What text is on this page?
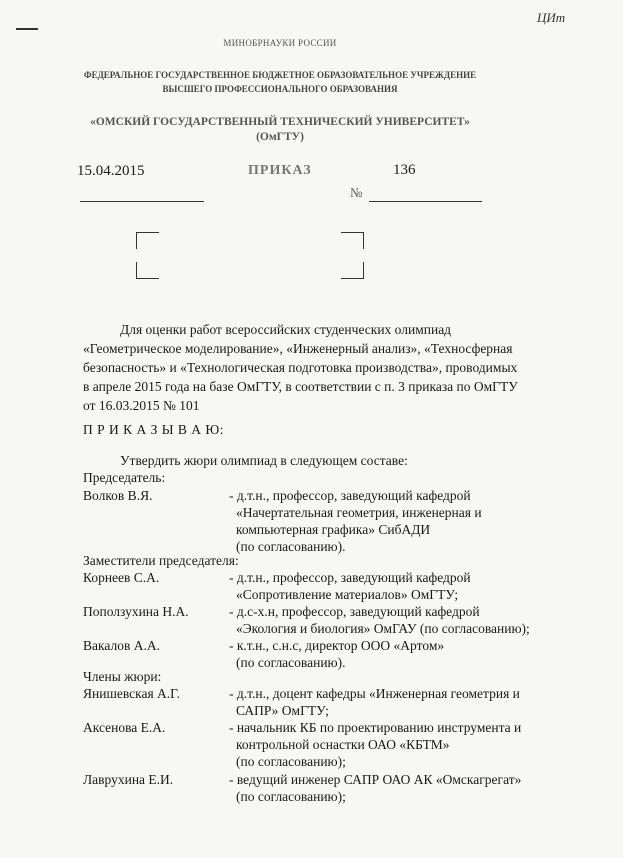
ЦИт
МИНОБРНАУКИ РОССИИ
ФЕДЕРАЛЬНОЕ ГОСУДАРСТВЕННОЕ БЮДЖЕТНОЕ ОБРАЗОВАТЕЛЬНОЕ УЧРЕЖДЕНИЕ
ВЫСШЕГО ПРОФЕССИОНАЛЬНОГО ОБРАЗОВАНИЯ
«ОМСКИЙ ГОСУДАРСТВЕННЫЙ ТЕХНИЧЕСКИЙ УНИВЕРСИТЕТ»
(ОмГТУ)
15.04.2015	ПРИКАЗ	136
№
Для оценки работ всероссийских студенческих олимпиад
«Геометрическое моделирование», «Инженерный анализ», «Техносферная
безопасность» и «Технологическая подготовка производства», проводимых
в апреле 2015 года на базе ОмГТУ, в соответствии с п. 3 приказа по ОмГТУ
от 16.03.2015 № 101
П Р И К А З Ы В А Ю:
Утвердить жюри олимпиад в следующем составе:
Председатель:
Волков В.Я.	- д.т.н., профессор, заведующий кафедрой
«Начертательная геометрия, инженерная и
компьютерная графика» СибАДИ
(по согласованию).
Заместители председателя:
Корнеев С.А.	- д.т.н., профессор, заведующий кафедрой
«Сопротивление материалов» ОмГТУ;
Поползухина Н.А.	- д.с-х.н, профессор, заведующий кафедрой
«Экология и биология» ОмГАУ (по согласованию);
Вакалов А.А.	- к.т.н., с.н.с, директор ООО «Артом»
(по согласованию).
Члены жюри:
Янишевская А.Г.	- д.т.н., доцент кафедры «Инженерная геометрия и
САПР» ОмГТУ;
Аксенова Е.А.	- начальник КБ по проектированию инструмента и
контрольной оснастки ОАО «КБТМ»
(по согласованию);
Лаврухина Е.И.	- ведущий инженер САПР ОАО АК «Омскагрегат»
(по согласованию);
